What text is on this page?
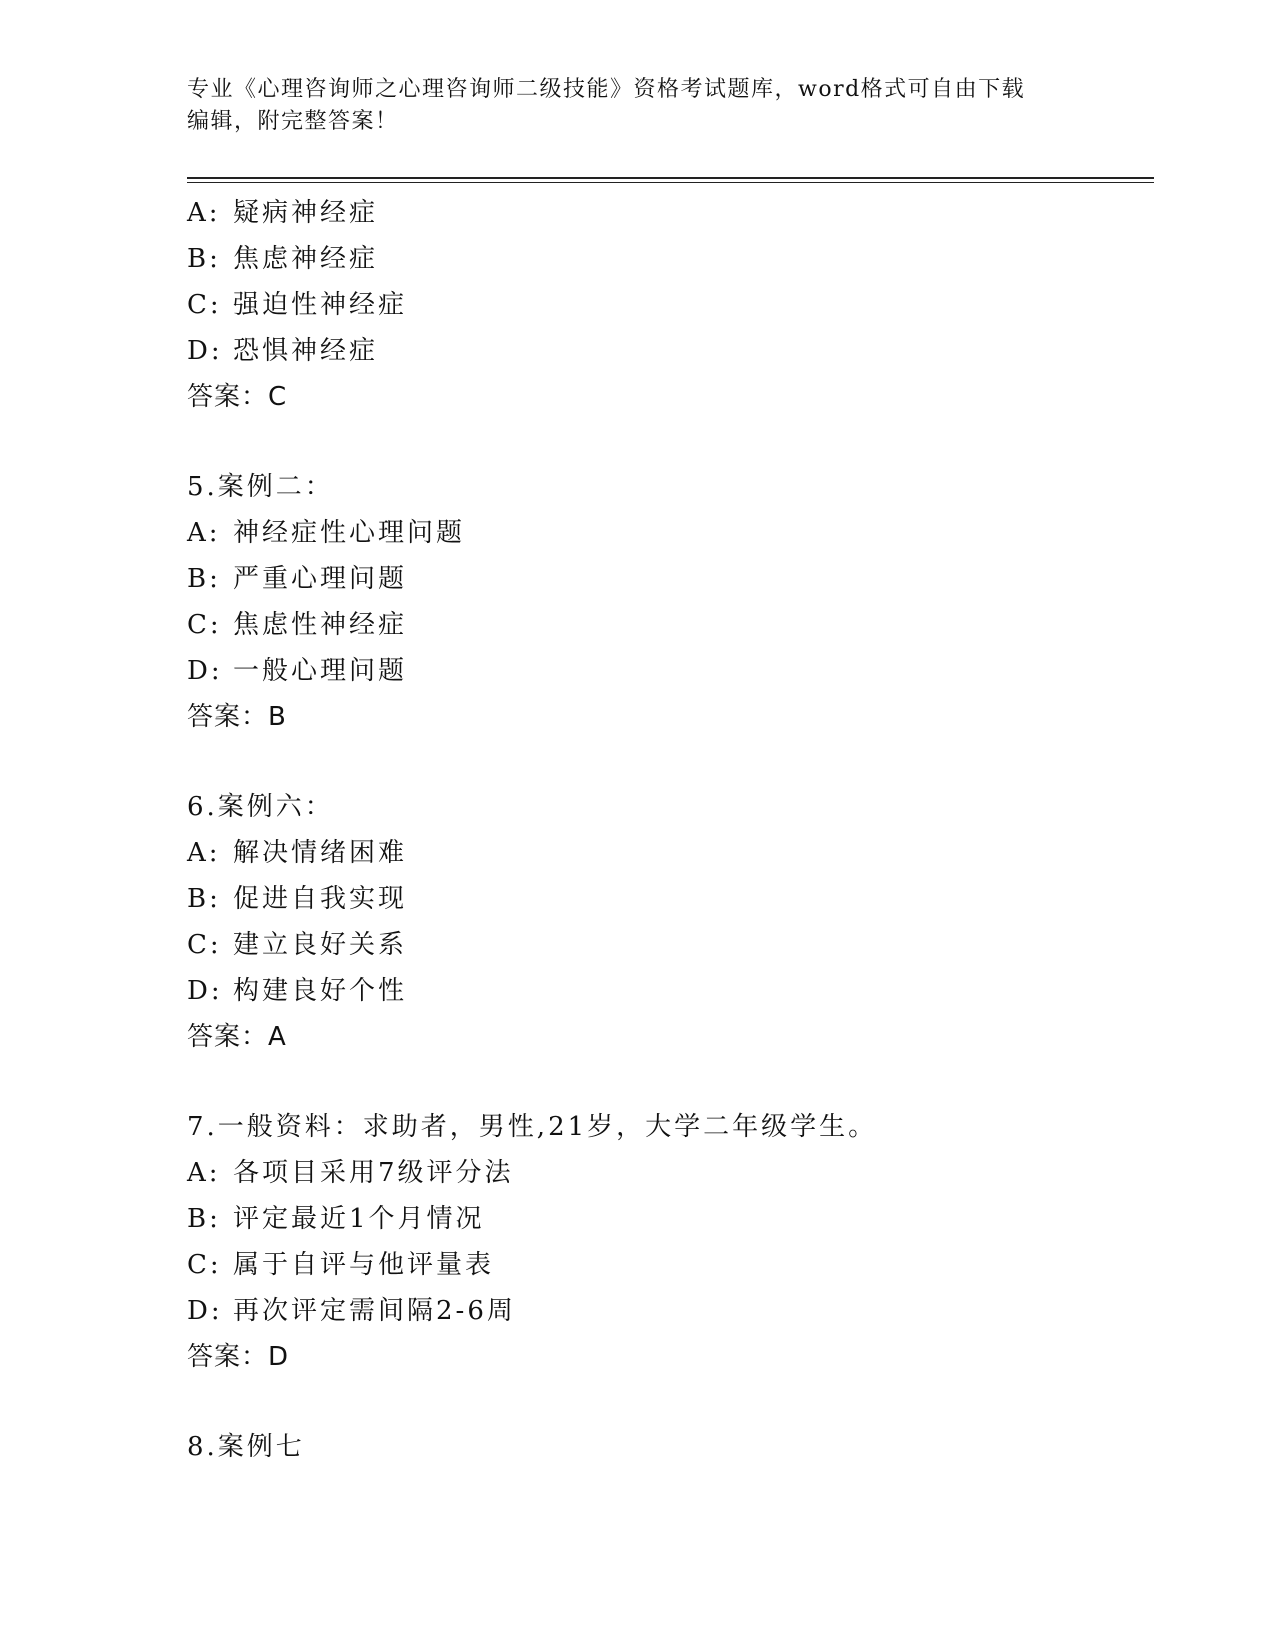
专业《心理咨询师之心理咨询师二级技能》资格考试题库，word格式可自由下载
编辑，附完整答案！
A: 疑病神经症
B: 焦虑神经症
C: 强迫性神经症
D: 恐惧神经症
答案：C
5.案例二：
A: 神经症性心理问题
B: 严重心理问题
C: 焦虑性神经症
D: 一般心理问题
答案：B
6.案例六：
A: 解决情绪困难
B: 促进自我实现
C: 建立良好关系
D: 构建良好个性
答案：A
7.一般资料：求助者，男性,21岁，大学二年级学生。
A: 各项目采用7级评分法
B: 评定最近1个月情况
C: 属于自评与他评量表
D: 再次评定需间隔2-6周
答案：D
8.案例七
